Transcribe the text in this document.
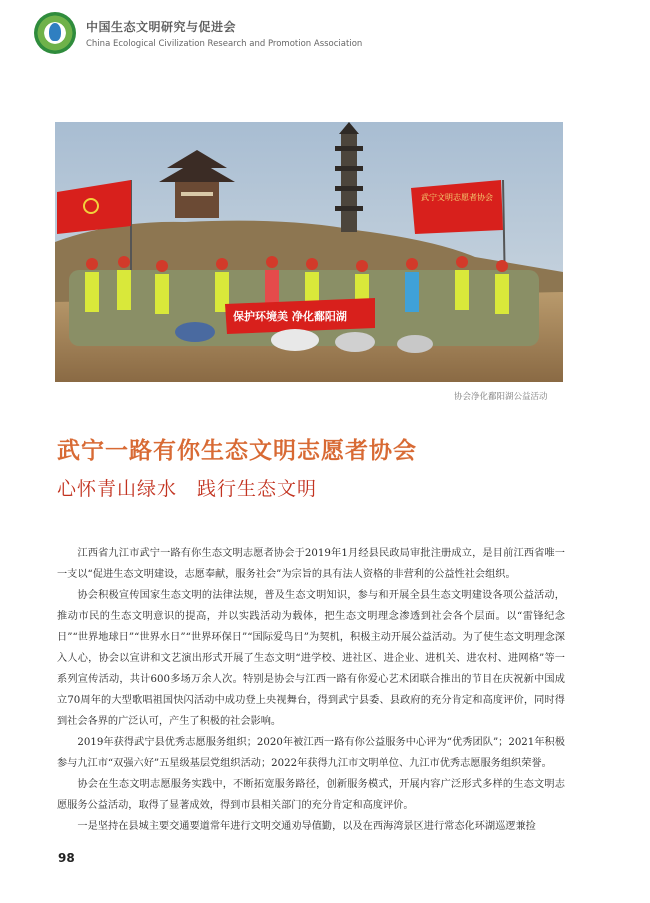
中国生态文明研究与促进会
China Ecological Civilization Research and Promotion Association
武宁文明志愿者协会
保护环境美 净化鄱阳湖
协会净化鄱阳湖公益活动
武宁一路有你生态文明志愿者协会
心怀青山绿水　践行生态文明

江西省九江市武宁一路有你生态文明志愿者协会于2019年1月经县民政局审批注册成立，是目前江西省唯一一支以“促进生态文明建设，志愿奉献，服务社会”为宗旨的具有法人资格的非营利的公益性社会组织。

协会积极宣传国家生态文明的法律法规，普及生态文明知识，参与和开展全县生态文明建设各项公益活动，推动市民的生态文明意识的提高，并以实践活动为载体，把生态文明理念渗透到社会各个层面。以“雷锋纪念日”“世界地球日”“世界水日”“世界环保日”“国际爱鸟日”为契机，积极主动开展公益活动。为了使生态文明理念深入人心，协会以宣讲和文艺演出形式开展了生态文明“进学校、进社区、进企业、进机关、进农村、进网格”等一系列宣传活动，共计600多场万余人次。特别是协会与江西一路有你爱心艺术团联合推出的节目在庆祝新中国成立70周年的大型歌唱祖国快闪活动中成功登上央视舞台，得到武宁县委、县政府的充分肯定和高度评价，同时得到社会各界的广泛认可，产生了积极的社会影响。

2019年获得武宁县优秀志愿服务组织；2020年被江西一路有你公益服务中心评为“优秀团队”；2021年积极参与九江市“双强六好”五星级基层党组织活动；2022年获得九江市文明单位、九江市优秀志愿服务组织荣誉。

协会在生态文明志愿服务实践中，不断拓宽服务路径，创新服务模式，开展内容广泛形式多样的生态文明志愿服务公益活动，取得了显著成效，得到市县相关部门的充分肯定和高度评价。

一是坚持在县城主要交通要道常年进行文明交通劝导值勤，以及在西海湾景区进行常态化环湖巡逻兼捡

98
